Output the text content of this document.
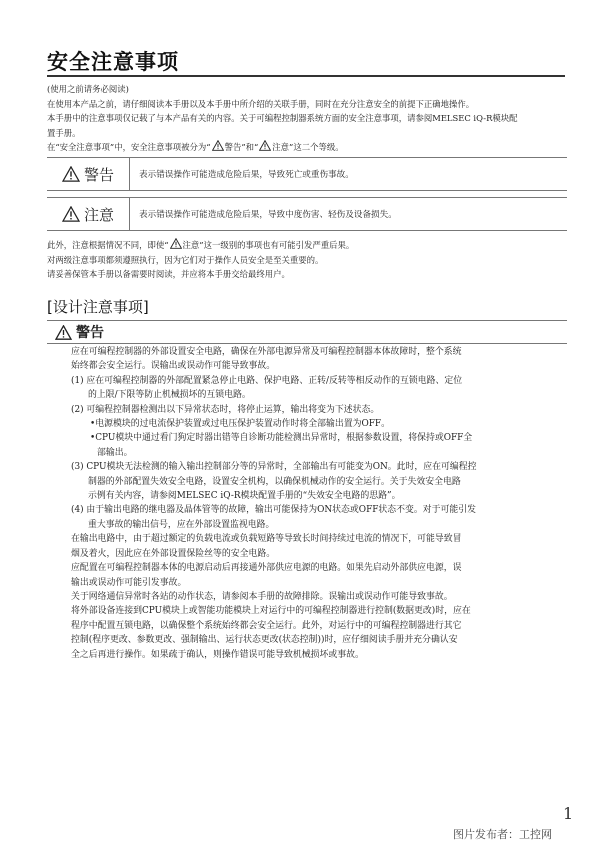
安全注意事项

(使用之前请务必阅读)

在使用本产品之前，请仔细阅读本手册以及本手册中所介绍的关联手册，同时在充分注意安全的前提下正确地操作。

本手册中的注意事项仅记载了与本产品有关的内容。关于可编程控制器系统方面的安全注意事项，请参阅MELSEC iQ-R模块配

置手册。

在“安全注意事项”中，安全注意事项被分为“ 警告”和“ 注意”这二个等级。

警告	表示错误操作可能造成危险后果，导致死亡或重伤事故。
注意	表示错误操作可能造成危险后果，导致中度伤害、轻伤及设备损失。

此外，注意根据情况不同，即使“ 注意”这一级别的事项也有可能引发严重后果。

对两级注意事项都须遵照执行，因为它们对于操作人员安全是至关重要的。

请妥善保管本手册以备需要时阅读，并应将本手册交给最终用户。

[设计注意事项]
警告

应在可编程控制器的外部设置安全电路，确保在外部电源异常及可编程控制器本体故障时，整个系统

始终都会安全运行。误输出或误动作可能导致事故。

(1) 应在可编程控制器的外部配置紧急停止电路、保护电路、正转/反转等相反动作的互锁电路、定位

的上限/下限等防止机械损坏的互锁电路。

(2) 可编程控制器检测出以下异常状态时，将停止运算，输出将变为下述状态。

•电源模块的过电流保护装置或过电压保护装置动作时将全部输出置为OFF。

•CPU模块中通过看门狗定时器出错等自诊断功能检测出异常时，根据参数设置，将保持或OFF全

部输出。

(3) CPU模块无法检测的输入输出控制部分等的异常时，全部输出有可能变为ON。此时，应在可编程控

制器的外部配置失效安全电路，设置安全机构，以确保机械动作的安全运行。关于失效安全电路

示例有关内容，请参阅MELSEC iQ-R模块配置手册的“失效安全电路的思路”。

(4) 由于输出电路的继电器及晶体管等的故障，输出可能保持为ON状态或OFF状态不变。对于可能引发

重大事故的输出信号，应在外部设置监视电路。

在输出电路中，由于超过额定的负载电流或负载短路等导致长时间持续过电流的情况下，可能导致冒

烟及着火，因此应在外部设置保险丝等的安全电路。

应配置在可编程控制器本体的电源启动后再接通外部供应电源的电路。如果先启动外部供应电源，误

输出或误动作可能引发事故。

关于网络通信异常时各站的动作状态，请参阅本手册的故障排除。误输出或误动作可能导致事故。

将外部设备连接到CPU模块上或智能功能模块上对运行中的可编程控制器进行控制(数据更改)时，应在

程序中配置互锁电路，以确保整个系统始终都会安全运行。此外，对运行中的可编程控制器进行其它

控制(程序更改、参数更改、强制输出、运行状态更改(状态控制))时，应仔细阅读手册并充分确认安

全之后再进行操作。如果疏于确认，则操作错误可能导致机械损坏或事故。

1
图片发布者：工控网
